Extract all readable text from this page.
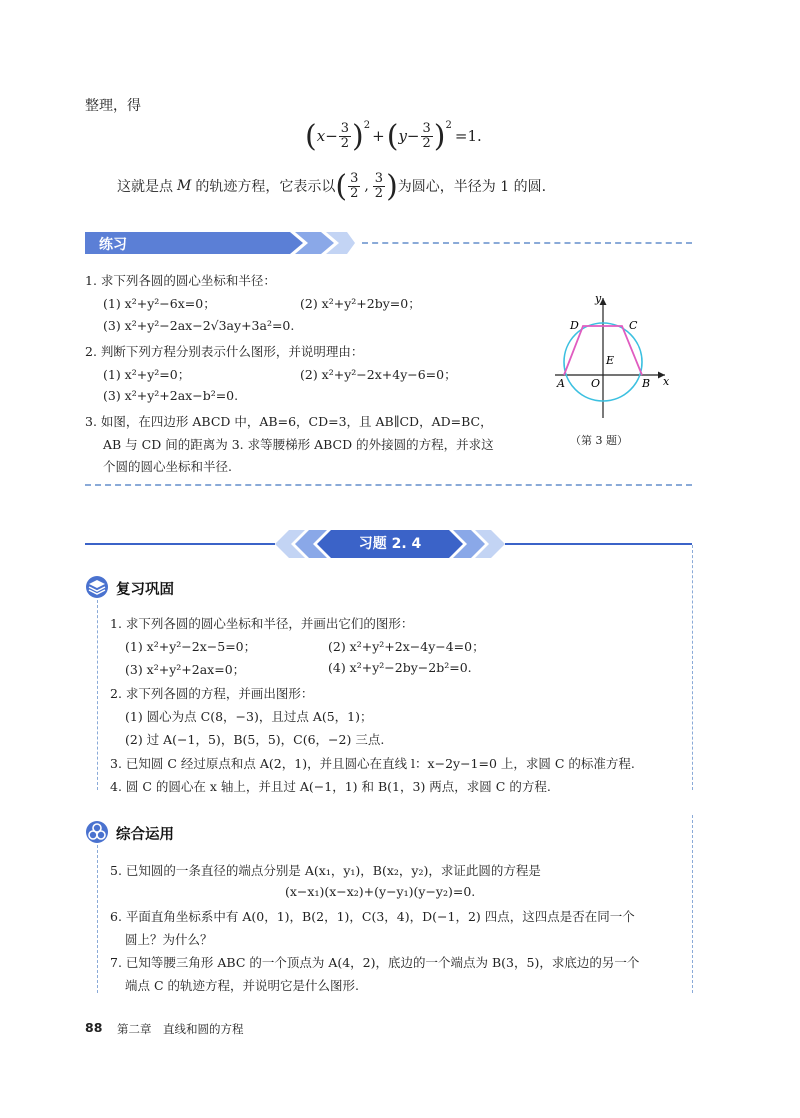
整理，得
( $x - \frac{3}{2} )^2$
+ ( $y - \frac{3}{2} )^2$
=1.
这就是点 M 的轨迹方程，它表示以 ( $\frac{3}{2}$ , $\frac{3}{2}$ ) 为圆心，半径为 1 的圆.
练习
1. 求下列各圆的圆心坐标和半径：
(1) x²+y²−6x=0；	(2) x²+y²+2by=0；
(3) x²+y²−2ax−2√3ay+3a²=0.
2. 判断下列方程分别表示什么图形，并说明理由：
(1) x²+y²=0；	(2) x²+y²−2x+4y−6=0；
(3) x²+y²+2ax−b²=0.
3. 如图，在四边形 ABCD 中，AB=6，CD=3，且 AB∥CD，AD=BC，
AB 与 CD 间的距离为 3. 求等腰梯形 ABCD 的外接圆的方程，并求这
个圆的圆心坐标和半径.
y
x
D	C
E
A O	B
（第 3 题）
习题 2. 4
复习巩固
1. 求下列各圆的圆心坐标和半径，并画出它们的图形：
(1) x²+y²−2x−5=0；	(2) x²+y²+2x−4y−4=0；
(3) x²+y²+2ax=0；	(4) x²+y²−2by−2b²=0.
2. 求下列各圆的方程，并画出图形：
(1) 圆心为点 C(8，−3)，且过点 A(5，1)；
(2) 过 A(−1，5)，B(5，5)，C(6，−2) 三点.
3. 已知圆 C 经过原点和点 A(2，1)，并且圆心在直线 l：x−2y−1=0 上，求圆 C 的标准方程.
4. 圆 C 的圆心在 x 轴上，并且过 A(−1，1) 和 B(1，3) 两点，求圆 C 的方程.
综合运用
5. 已知圆的一条直径的端点分别是 A(x₁，y₁)，B(x₂，y₂)，求证此圆的方程是
(x−x₁)(x−x₂)+(y−y₁)(y−y₂)=0.
6. 平面直角坐标系中有 A(0，1)，B(2，1)，C(3，4)，D(−1，2) 四点，这四点是否在同一个
圆上？为什么？
7. 已知等腰三角形 ABC 的一个顶点为 A(4，2)，底边的一个端点为 B(3，5)，求底边的另一个
端点 C 的轨迹方程，并说明它是什么图形.
88 第二章　直线和圆的方程
